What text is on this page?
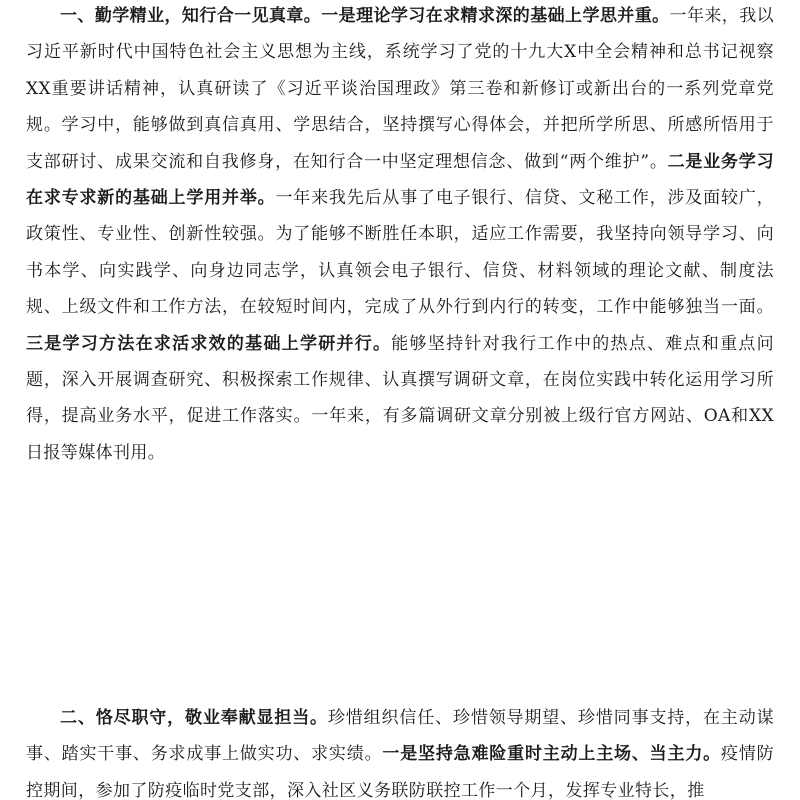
一、勤学精业，知行合一见真章。一是理论学习在求精求深的基础上学思并重。一年来，我以习近平新时代中国特色社会主义思想为主线，系统学习了党的十九大X中全会精神和总书记视察XX重要讲话精神，认真研读了《习近平谈治国理政》第三卷和新修订或新出台的一系列党章党规。学习中，能够做到真信真用、学思结合，坚持撰写心得体会，并把所学所思、所感所悟用于支部研讨、成果交流和自我修身，在知行合一中坚定理想信念、做到“两个维护”。二是业务学习在求专求新的基础上学用并举。一年来我先后从事了电子银行、信贷、文秘工作，涉及面较广，政策性、专业性、创新性较强。为了能够不断胜任本职，适应工作需要，我坚持向领导学习、向书本学、向实践学、向身边同志学，认真领会电子银行、信贷、材料领域的理论文献、制度法规、上级文件和工作方法，在较短时间内，完成了从外行到内行的转变，工作中能够独当一面。三是学习方法在求活求效的基础上学研并行。能够坚持针对我行工作中的热点、难点和重点问题，深入开展调查研究、积极探索工作规律、认真撰写调研文章，在岗位实践中转化运用学习所得，提高业务水平，促进工作落实。一年来，有多篇调研文章分别被上级行官方网站、OA和XX日报等媒体刊用。

二、恪尽职守，敬业奉献显担当。珍惜组织信任、珍惜领导期望、珍惜同事支持，在主动谋事、踏实干事、务求成事上做实功、求实绩。一是坚持急难险重时主动上主场、当主力。疫情防控期间，参加了防疫临时党支部，深入社区义务联防联控工作一个月，发挥专业特长，推
